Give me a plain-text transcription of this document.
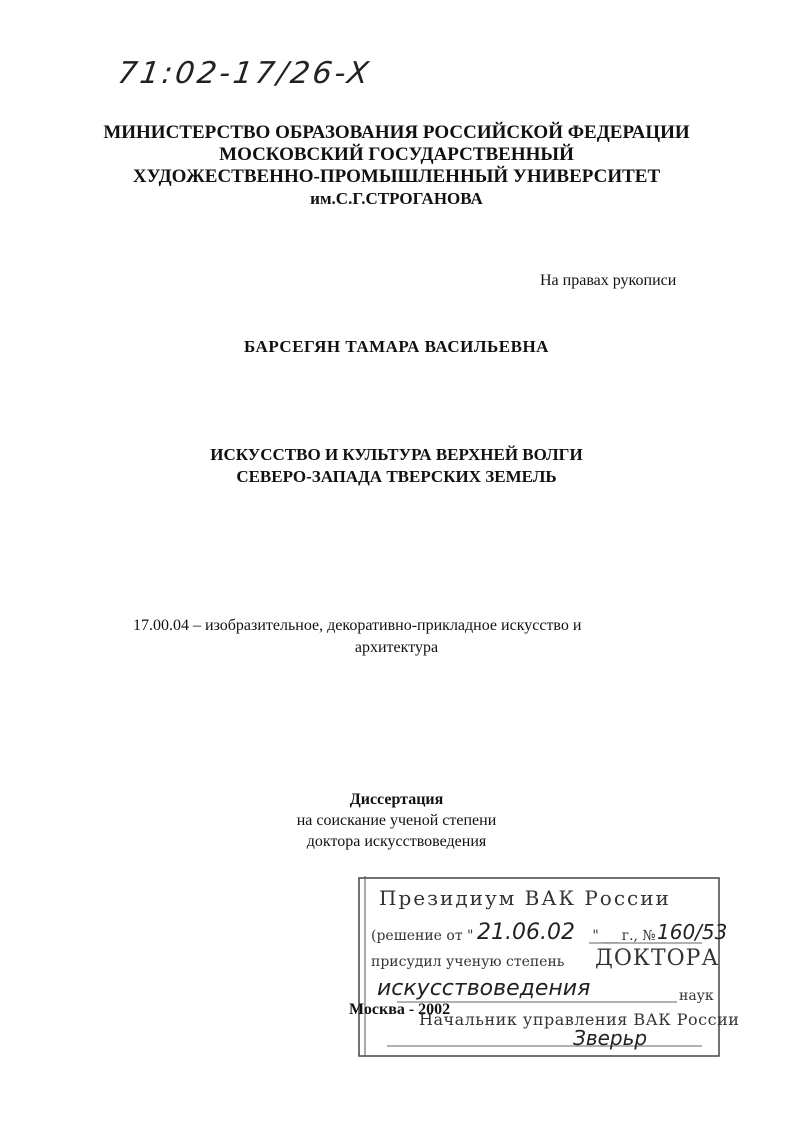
71:02-17/26-X
МИНИСТЕРСТВО ОБРАЗОВАНИЯ РОССИЙСКОЙ ФЕДЕРАЦИИ
МОСКОВСКИЙ ГОСУДАРСТВЕННЫЙ
ХУДОЖЕСТВЕННО-ПРОМЫШЛЕННЫЙ УНИВЕРСИТЕТ
им.С.Г.СТРОГАНОВА
На правах рукописи
БАРСЕГЯН ТАМАРА ВАСИЛЬЕВНА
ИСКУССТВО И КУЛЬТУРА ВЕРХНЕЙ ВОЛГИ
СЕВЕРО-ЗАПАДА ТВЕРСКИХ ЗЕМЕЛЬ
17.00.04 – изобразительное, декоративно-прикладное искусство и
архитектура
Диссертация
на соискание ученой степени
доктора искусствоведения
Президиум ВАК России
(решение от "	" __ г., №
21.06.02	160/53
присудил ученую степень ДОКТОРА
искусствоведения	наук
Начальник управления ВАК России
Зверьр
Москва - 2002
